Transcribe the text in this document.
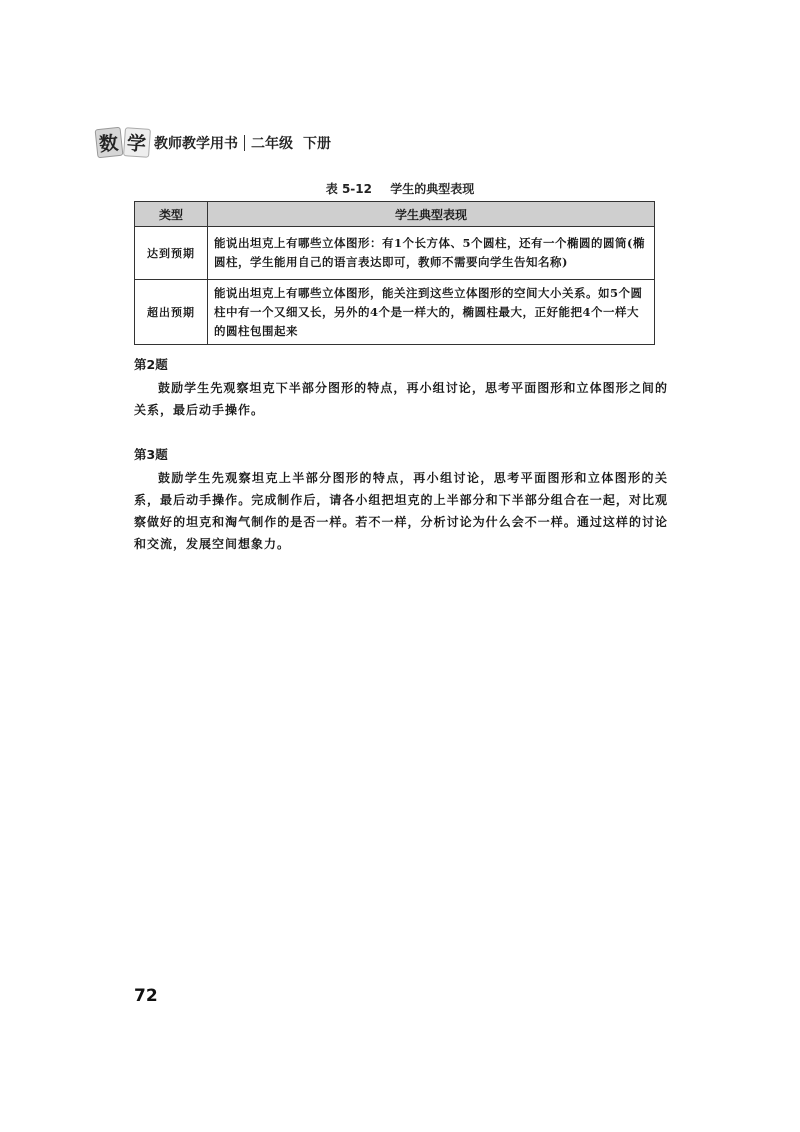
数 学 教师教学用书 二年级 下册
表 5-12 学生的典型表现
类型	学生典型表现
达到预期	能说出坦克上有哪些立体图形：有1个长方体、5个圆柱，还有一个椭圆的圆筒(椭圆柱，学生能用自己的语言表达即可，教师不需要向学生告知名称)
超出预期	能说出坦克上有哪些立体图形，能关注到这些立体图形的空间大小关系。如5个圆柱中有一个又细又长，另外的4个是一样大的，椭圆柱最大，正好能把4个一样大的圆柱包围起来
第2题

鼓励学生先观察坦克下半部分图形的特点，再小组讨论，思考平面图形和立体图形之间的关系，最后动手操作。

第3题

鼓励学生先观察坦克上半部分图形的特点，再小组讨论，思考平面图形和立体图形的关系，最后动手操作。完成制作后，请各小组把坦克的上半部分和下半部分组合在一起，对比观察做好的坦克和淘气制作的是否一样。若不一样，分析讨论为什么会不一样。通过这样的讨论和交流，发展空间想象力。

72
